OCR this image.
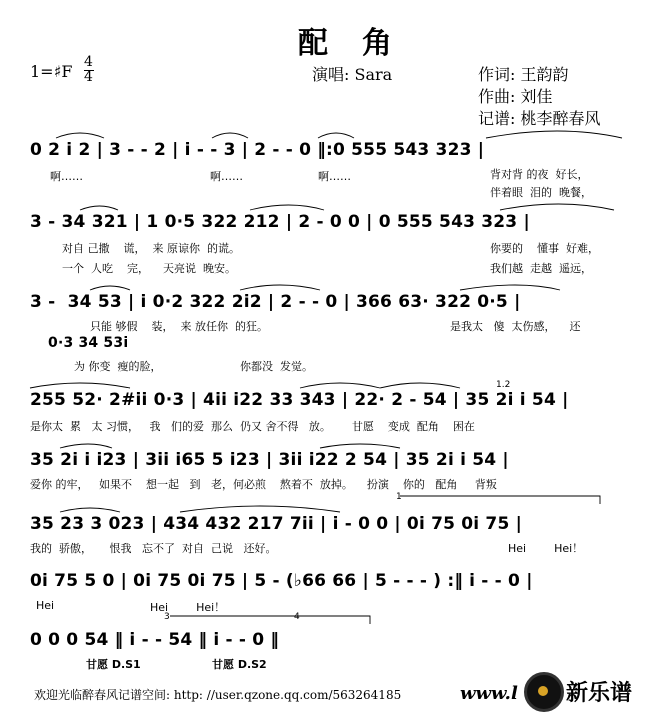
配　角
1=♯F 4
4	演唱: Sara	作词: 王韵韵
作曲: 刘佳
记谱: 桃李醉春风
0 2 i 2 | 3 - - 2 | i - - 3 | 2 - - 0 ‖:0 555 543 323 |
啊……	啊……	啊……	背对背 的夜  好长，
伴着眼  泪的  晚餐，
3 - 34 321 | 1 0·5 322 212 | 2 - 0 0 | 0 555 543 323 |
对自 己撒    谎，  来 原谅你  的谎。
一个  人吃    完，    天亮说  晚安。
你要的    懂事  好难，
我们越  走越  遥远，
3 -  34 53 | i 0·2 322 2i2 | 2 - - 0 | 366 63· 322 0·5 |
只能 够假    装，  来 放任你  的狂。	是我太   傻  太伤感，    还
0·3 34 53i
为 你变  瘦的脸，	你都没  发觉。
255 52· 2#ii 0·3 | 4ii i22 33 343 | 22· 2 - 54 | 35 2i i 54 |
是你太  累   太 习惯，   我   们的爱  那么  仍又 舍不得   放。      甘愿    变成  配角    困在
1.2
35 2i i i23 | 3ii i65 5 i23 | 3ii i22 2 54 | 35 2i i 54 |
爱你 的牢，   如果不    想一起   到   老，何必煎    熬着不  放掉。    扮演    你的   配角     背叛
35 23 3 023 | 434 432 217 7ii | i - 0 0 | 0i 75 0i 75 |
我的  骄傲，     恨我   忘不了  对自  己说   还好。	Hei        Hei！
1
0i 75 5 0 | 0i 75 0i 75 | 5 - (♭66 66 | 5 - - - ) :‖ i - - 0 |
Hei	Hei        Hei！
0 0 0 54 ‖ i - - 54 ‖ i - - 0 ‖
甘愿 D.S1	甘愿 D.S2
3	4
欢迎光临醉春风记谱空间: http: //user.qzone.qq.com/563264185	www.l

新乐谱
